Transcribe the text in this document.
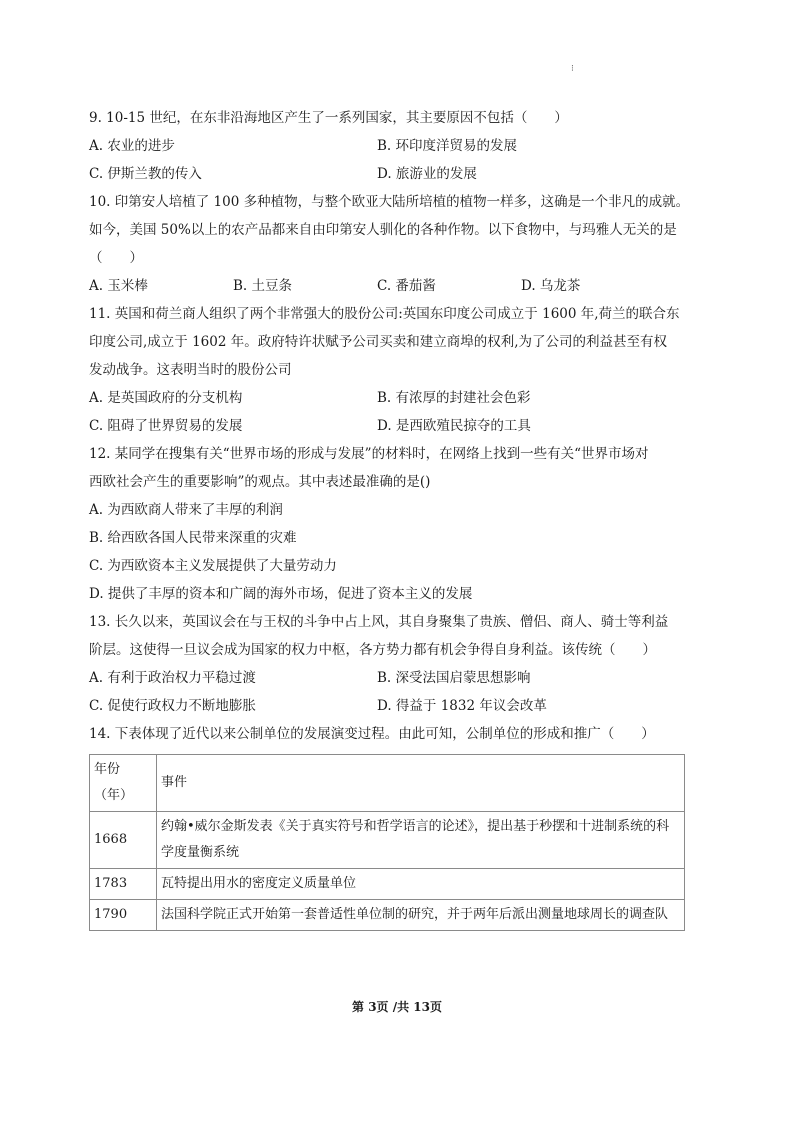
⁝
9. 10-15 世纪，在东非沿海地区产生了一系列国家，其主要原因不包括（　　）
A. 农业的进步	B. 环印度洋贸易的发展
C. 伊斯兰教的传入	D. 旅游业的发展
10. 印第安人培植了 100 多种植物，与整个欧亚大陆所培植的植物一样多，这确是一个非凡的成就。
如今，美国 50%以上的农产品都来自由印第安人驯化的各种作物。以下食物中，与玛雅人无关的是
（　　）
A. 玉米棒	B. 土豆条	C. 番茄酱	D. 乌龙茶
11. 英国和荷兰商人组织了两个非常强大的股份公司:英国东印度公司成立于 1600 年,荷兰的联合东
印度公司,成立于 1602 年。政府特许状赋予公司买卖和建立商埠的权利,为了公司的利益甚至有权
发动战争。这表明当时的股份公司
A. 是英国政府的分支机构	B. 有浓厚的封建社会色彩
C. 阻碍了世界贸易的发展	D. 是西欧殖民掠夺的工具
12. 某同学在搜集有关“世界市场的形成与发展”的材料时，在网络上找到一些有关“世界市场对
西欧社会产生的重要影响”的观点。其中表述最准确的是()
A. 为西欧商人带来了丰厚的利润
B. 给西欧各国人民带来深重的灾难
C. 为西欧资本主义发展提供了大量劳动力
D. 提供了丰厚的资本和广阔的海外市场，促进了资本主义的发展
13. 长久以来，英国议会在与王权的斗争中占上风，其自身聚集了贵族、僧侣、商人、骑士等利益
阶层。这使得一旦议会成为国家的权力中枢，各方势力都有机会争得自身利益。该传统（　　）
A. 有利于政治权力平稳过渡	B. 深受法国启蒙思想影响
C. 促使行政权力不断地膨胀	D. 得益于 1832 年议会改革
14. 下表体现了近代以来公制单位的发展演变过程。由此可知，公制单位的形成和推广（　　）
年份（年）	事件
1668	约翰•威尔金斯发表《关于真实符号和哲学语言的论述》，提出基于秒摆和十进制系统的科学度量衡系统
1783	瓦特提出用水的密度定义质量单位
1790	法国科学院正式开始第一套普适性单位制的研究，并于两年后派出测量地球周长的调查队
第 3页 /共 13页
